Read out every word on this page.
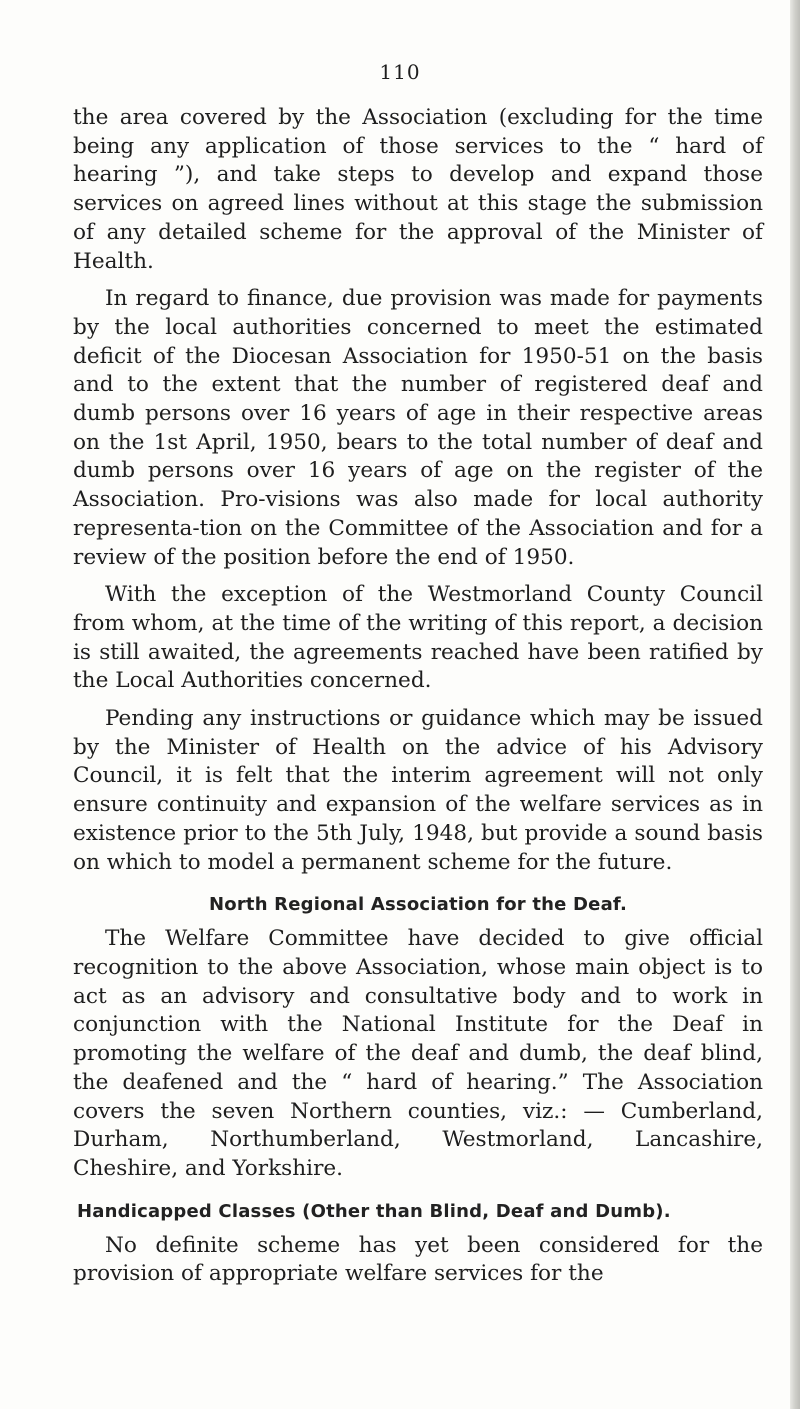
110

the area covered by the Association (excluding for the time being any application of those services to the “ hard of hearing ”), and take steps to develop and expand those services on agreed lines without at this stage the submission of any detailed scheme for the approval of the Minister of Health.

In regard to finance, due provision was made for payments by the local authorities concerned to meet the estimated deficit of the Diocesan Association for 1950-51 on the basis and to the extent that the number of registered deaf and dumb persons over 16 years of age in their respective areas on the 1st April, 1950, bears to the total number of deaf and dumb persons over 16 years of age on the register of the Association. Pro-visions was also made for local authority representa-tion on the Committee of the Association and for a review of the position before the end of 1950.

With the exception of the Westmorland County Council from whom, at the time of the writing of this report, a decision is still awaited, the agreements reached have been ratified by the Local Authorities concerned.

Pending any instructions or guidance which may be issued by the Minister of Health on the advice of his Advisory Council, it is felt that the interim agreement will not only ensure continuity and expansion of the welfare services as in existence prior to the 5th July, 1948, but provide a sound basis on which to model a permanent scheme for the future.

North Regional Association for the Deaf.

The Welfare Committee have decided to give official recognition to the above Association, whose main object is to act as an advisory and consultative body and to work in conjunction with the National Institute for the Deaf in promoting the welfare of the deaf and dumb, the deaf blind, the deafened and the “ hard of hearing.” The Association covers the seven Northern counties, viz.: — Cumberland, Durham, Northumberland, Westmorland, Lancashire, Cheshire, and Yorkshire.

Handicapped Classes (Other than Blind, Deaf and Dumb).

No definite scheme has yet been considered for the provision of appropriate welfare services for the
